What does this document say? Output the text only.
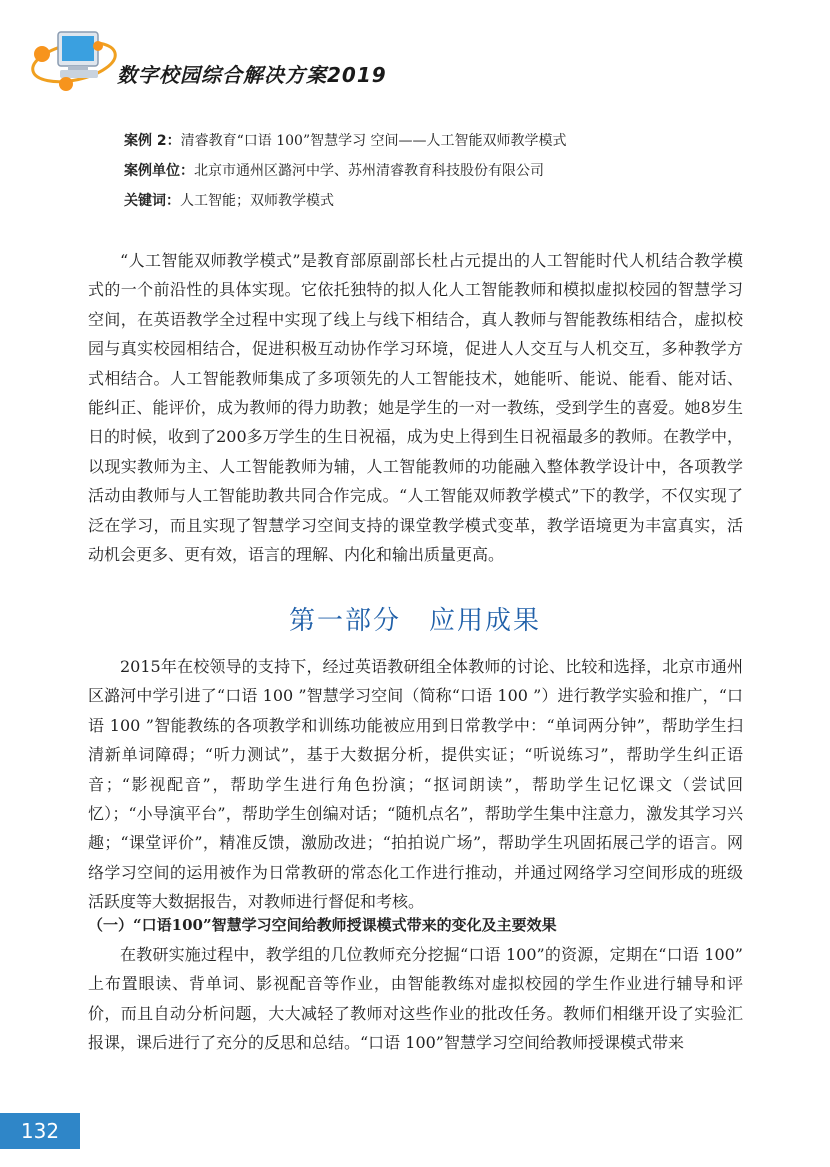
数字校园综合解决方案2019
案例 2：清睿教育“口语 100”智慧学习 空间——人工智能双师教学模式
案例单位：北京市通州区潞河中学、苏州清睿教育科技股份有限公司
关键词：人工智能；双师教学模式

“人工智能双师教学模式”是教育部原副部长杜占元提出的人工智能时代人机结合教学模式的一个前沿性的具体实现。它依托独特的拟人化人工智能教师和模拟虚拟校园的智慧学习空间，在英语教学全过程中实现了线上与线下相结合，真人教师与智能教练相结合，虚拟校园与真实校园相结合，促进积极互动协作学习环境，促进人人交互与人机交互，多种教学方式相结合。人工智能教师集成了多项领先的人工智能技术，她能听、能说、能看、能对话、能纠正、能评价，成为教师的得力助教；她是学生的一对一教练，受到学生的喜爱。她8岁生日的时候，收到了200多万学生的生日祝福，成为史上得到生日祝福最多的教师。在教学中，以现实教师为主、人工智能教师为辅，人工智能教师的功能融入整体教学设计中，各项教学活动由教师与人工智能助教共同合作完成。“人工智能双师教学模式”下的教学，不仅实现了泛在学习，而且实现了智慧学习空间支持的课堂教学模式变革，教学语境更为丰富真实，活动机会更多、更有效，语言的理解、内化和输出质量更高。

第一部分　应用成果

2015年在校领导的支持下，经过英语教研组全体教师的讨论、比较和选择，北京市通州区潞河中学引进了“口语 100 ”智慧学习空间（简称“口语 100 ”）进行教学实验和推广，“口语 100 ”智能教练的各项教学和训练功能被应用到日常教学中：“单词两分钟”，帮助学生扫清新单词障碍；“听力测试”，基于大数据分析，提供实证；“听说练习”，帮助学生纠正语音；“影视配音”，帮助学生进行角色扮演；“抠词朗读”，帮助学生记忆课文（尝试回忆）；“小导演平台”，帮助学生创编对话；“随机点名”，帮助学生集中注意力，激发其学习兴趣；“课堂评价”，精准反馈，激励改进；“拍拍说广场”，帮助学生巩固拓展己学的语言。网络学习空间的运用被作为日常教研的常态化工作进行推动，并通过网络学习空间形成的班级活跃度等大数据报告，对教师进行督促和考核。

（一）“口语100”智慧学习空间给教师授课模式带来的变化及主要效果

在教研实施过程中，教学组的几位教师充分挖掘“口语 100”的资源，定期在“口语 100” 上布置眼读、背单词、影视配音等作业，由智能教练对虚拟校园的学生作业进行辅导和评价，而且自动分析问题，大大减轻了教师对这些作业的批改任务。教师们相继开设了实验汇报课，课后进行了充分的反思和总结。“口语 100”智慧学习空间给教师授课模式带来

132
